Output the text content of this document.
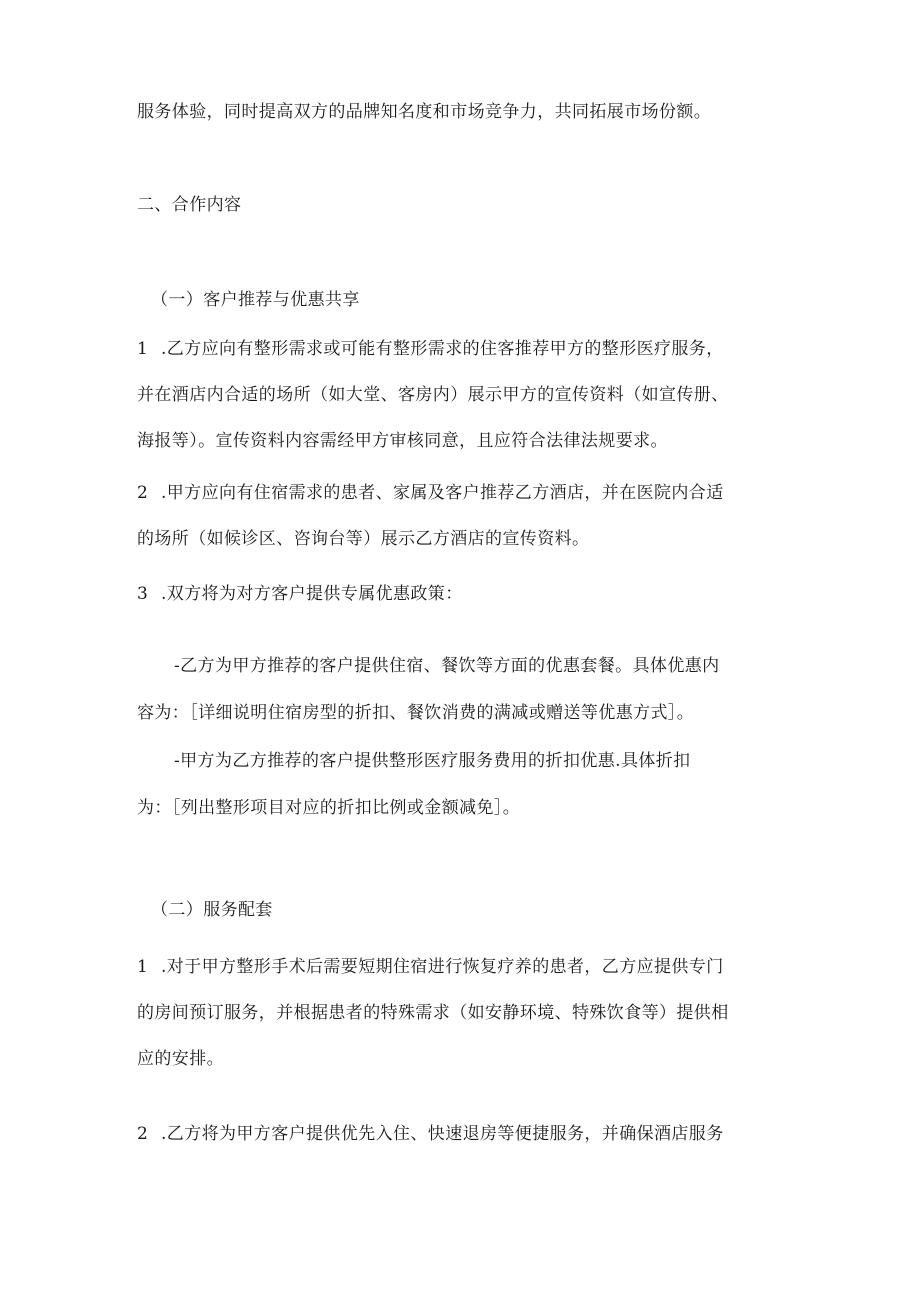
服务体验，同时提高双方的品牌知名度和市场竞争力，共同拓展市场份额。
二、合作内容
（一）客户推荐与优惠共享
1 .乙方应向有整形需求或可能有整形需求的住客推荐甲方的整形医疗服务，
并在酒店内合适的场所（如大堂、客房内）展示甲方的宣传资料（如宣传册、
海报等）。宣传资料内容需经甲方审核同意，且应符合法律法规要求。
2 .甲方应向有住宿需求的患者、家属及客户推荐乙方酒店，并在医院内合适
的场所（如候诊区、咨询台等）展示乙方酒店的宣传资料。
3 .双方将为对方客户提供专属优惠政策：
-乙方为甲方推荐的客户提供住宿、餐饮等方面的优惠套餐。具体优惠内
容为：［详细说明住宿房型的折扣、餐饮消费的满减或赠送等优惠方式］。
-甲方为乙方推荐的客户提供整形医疗服务费用的折扣优惠.具体折扣
为：［列出整形项目对应的折扣比例或金额减免］。
（二）服务配套
1 .对于甲方整形手术后需要短期住宿进行恢复疗养的患者，乙方应提供专门
的房间预订服务，并根据患者的特殊需求（如安静环境、特殊饮食等）提供相
应的安排。
2 .乙方将为甲方客户提供优先入住、快速退房等便捷服务，并确保酒店服务
